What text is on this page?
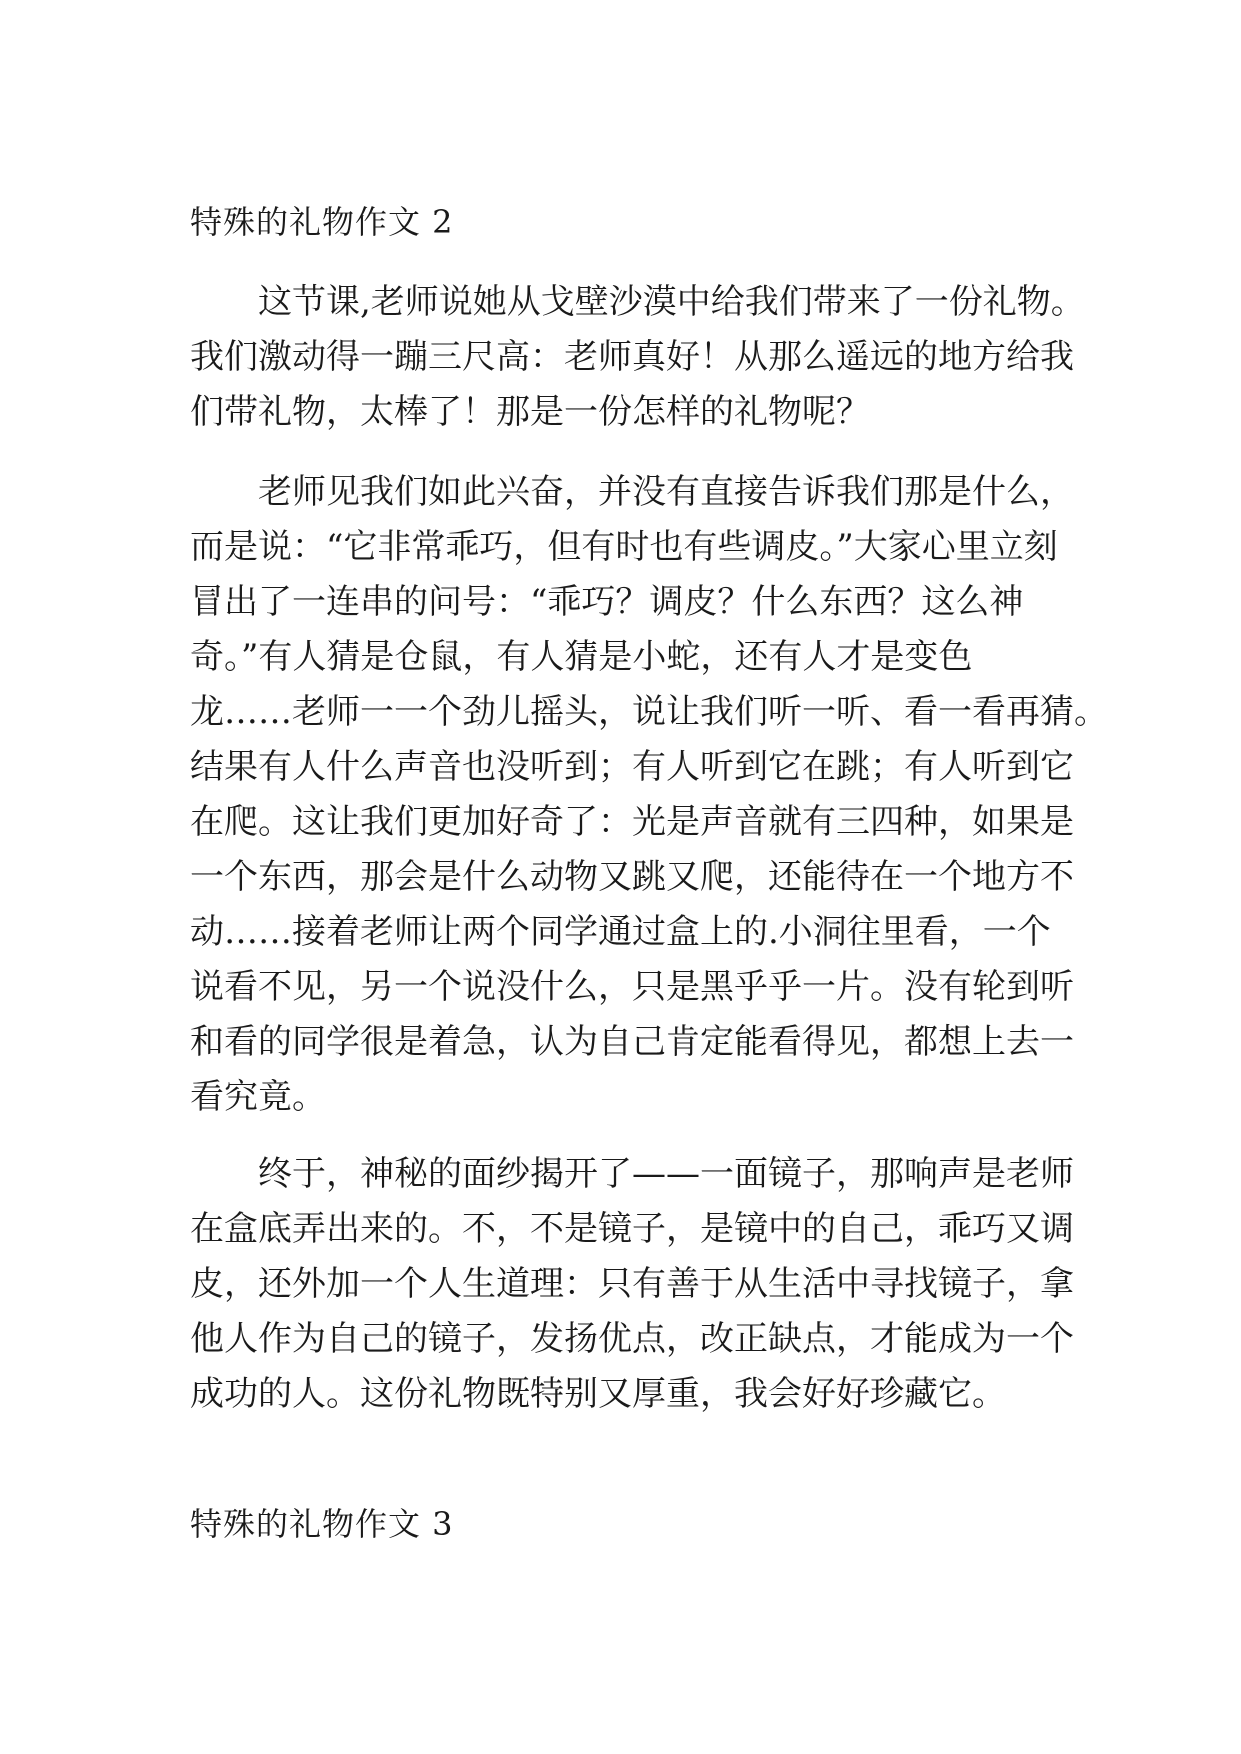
特殊的礼物作文 2
这节课,老师说她从戈壁沙漠中给我们带来了一份礼物。
我们激动得一蹦三尺高：老师真好！从那么遥远的地方给我
们带礼物，太棒了！那是一份怎样的礼物呢？
老师见我们如此兴奋，并没有直接告诉我们那是什么，
而是说：“它非常乖巧，但有时也有些调皮。”大家心里立刻
冒出了一连串的问号：“乖巧？调皮？什么东西？这么神
奇。”有人猜是仓鼠，有人猜是小蛇，还有人才是变色
龙……老师一一个劲儿摇头，说让我们听一听、看一看再猜。
结果有人什么声音也没听到；有人听到它在跳；有人听到它
在爬。这让我们更加好奇了：光是声音就有三四种，如果是
一个东西，那会是什么动物又跳又爬，还能待在一个地方不
动……接着老师让两个同学通过盒上的.小洞往里看，一个
说看不见，另一个说没什么，只是黑乎乎一片。没有轮到听
和看的同学很是着急，认为自己肯定能看得见，都想上去一
看究竟。
终于，神秘的面纱揭开了——一面镜子，那响声是老师
在盒底弄出来的。不，不是镜子，是镜中的自己，乖巧又调
皮，还外加一个人生道理：只有善于从生活中寻找镜子，拿
他人作为自己的镜子，发扬优点，改正缺点，才能成为一个
成功的人。这份礼物既特别又厚重，我会好好珍藏它。
特殊的礼物作文 3
